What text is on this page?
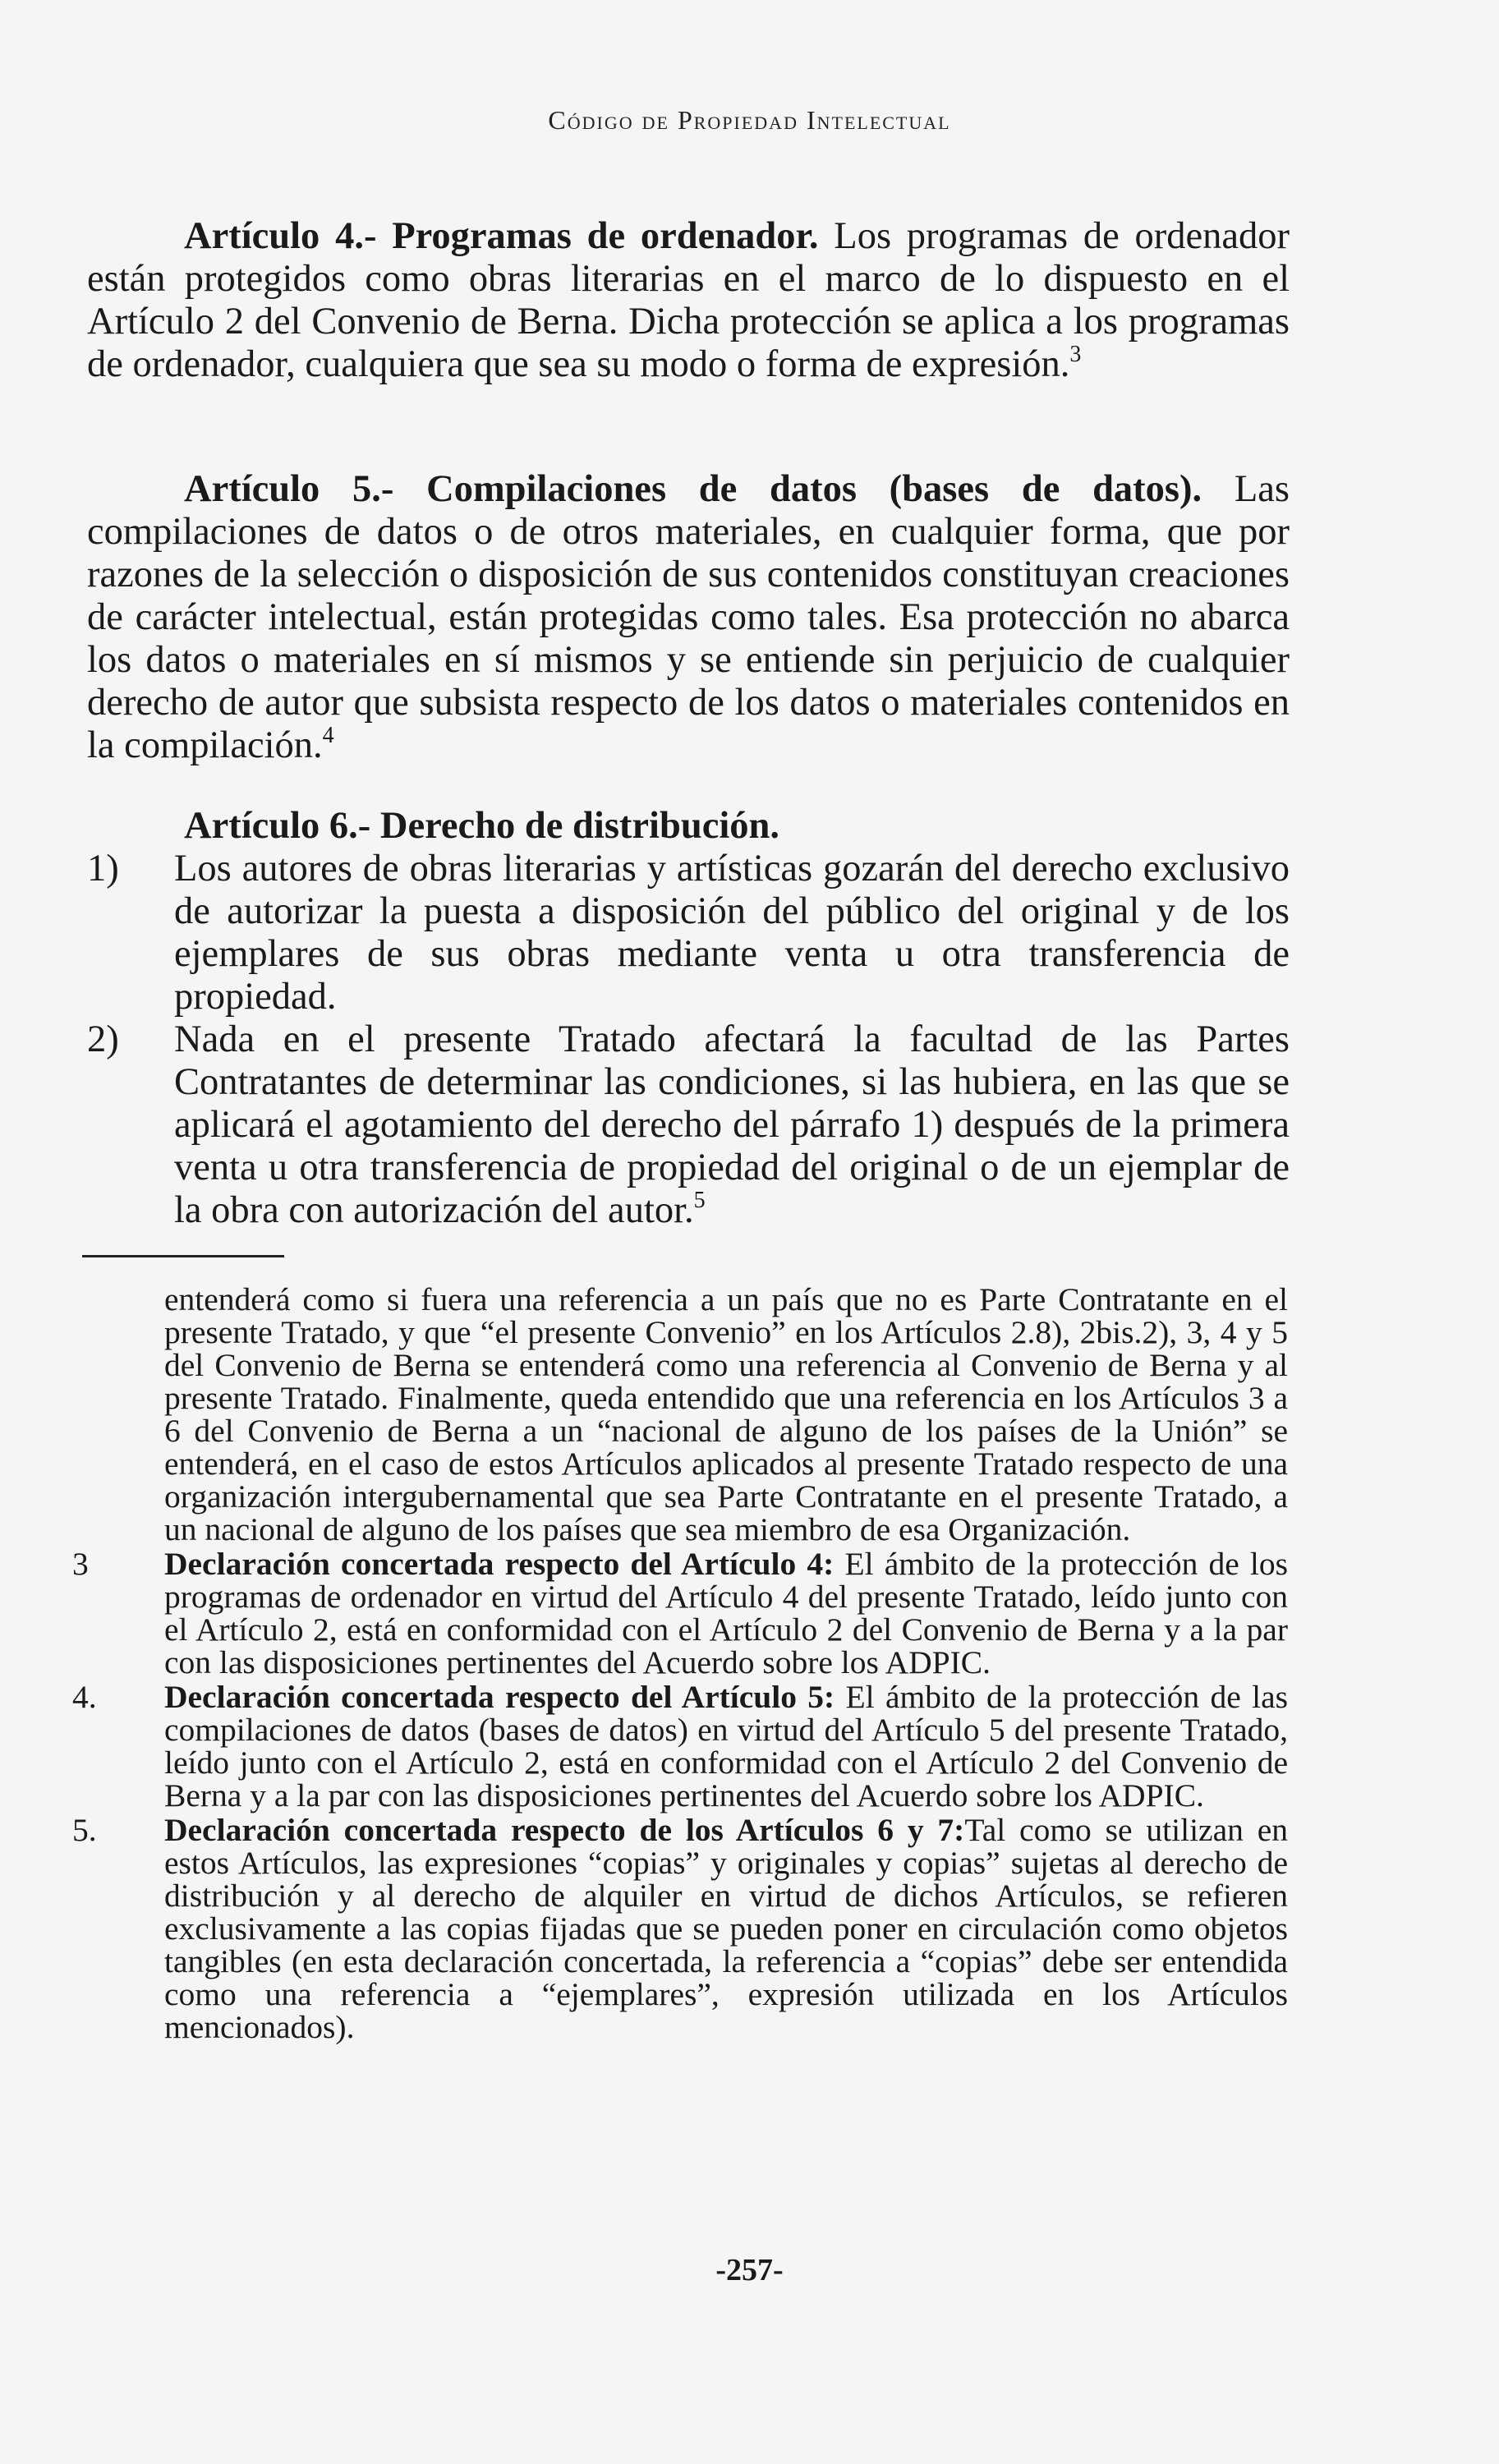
Código de Propiedad Intelectual

Artículo 4.- Programas de ordenador. Los programas de ordenador están protegidos como obras literarias en el marco de lo dispuesto en el Artículo 2 del Convenio de Berna. Dicha protección se aplica a los programas de ordenador, cualquiera que sea su modo o forma de expresión.$^3$

Artículo 5.- Compilaciones de datos (bases de datos). Las compilaciones de datos o de otros materiales, en cualquier forma, que por razones de la selección o disposición de sus contenidos constituyan creaciones de carácter intelectual, están protegidas como tales. Esa protección no abarca los datos o materiales en sí mismos y se entiende sin perjuicio de cualquier derecho de autor que subsista respecto de los datos o materiales contenidos en la compilación.$^4$

Artículo 6.- Derecho de distribución.

1) Los autores de obras literarias y artísticas gozarán del derecho exclusivo de autorizar la puesta a disposición del público del original y de los ejemplares de sus obras mediante venta u otra transferencia de propiedad.

2) Nada en el presente Tratado afectará la facultad de las Partes Contratantes de determinar las condiciones, si las hubiera, en las que se aplicará el agotamiento del derecho del párrafo 1) después de la primera venta u otra transferencia de propiedad del original o de un ejemplar de la obra con autorización del autor.$^5$

entenderá como si fuera una referencia a un país que no es Parte Contratante en el presente Tratado, y que “el presente Convenio” en los Artículos 2.8), 2bis.2), 3, 4 y 5 del Convenio de Berna se entenderá como una referencia al Convenio de Berna y al presente Tratado. Finalmente, queda entendido que una referencia en los Artículos 3 a 6 del Convenio de Berna a un “nacional de alguno de los países de la Unión” se entenderá, en el caso de estos Artículos aplicados al presente Tratado respecto de una organización intergubernamental que sea Parte Contratante en el presente Tratado, a un nacional de alguno de los países que sea miembro de esa Organización.

3 Declaración concertada respecto del Artículo 4: El ámbito de la protección de los programas de ordenador en virtud del Artículo 4 del presente Tratado, leído junto con el Artículo 2, está en conformidad con el Artículo 2 del Convenio de Berna y a la par con las disposiciones pertinentes del Acuerdo sobre los ADPIC.
4. Declaración concertada respecto del Artículo 5: El ámbito de la protección de las compilaciones de datos (bases de datos) en virtud del Artículo 5 del presente Tratado, leído junto con el Artículo 2, está en conformidad con el Artículo 2 del Convenio de Berna y a la par con las disposiciones pertinentes del Acuerdo sobre los ADPIC.
5. Declaración concertada respecto de los Artículos 6 y 7:Tal como se utilizan en estos Artículos, las expresiones “copias” y originales y copias” sujetas al derecho de distribución y al derecho de alquiler en virtud de dichos Artículos, se refieren exclusivamente a las copias fijadas que se pueden poner en circulación como objetos tangibles (en esta declaración concertada, la referencia a “copias” debe ser entendida como una referencia a “ejemplares”, expresión utilizada en los Artículos mencionados).
-257-
